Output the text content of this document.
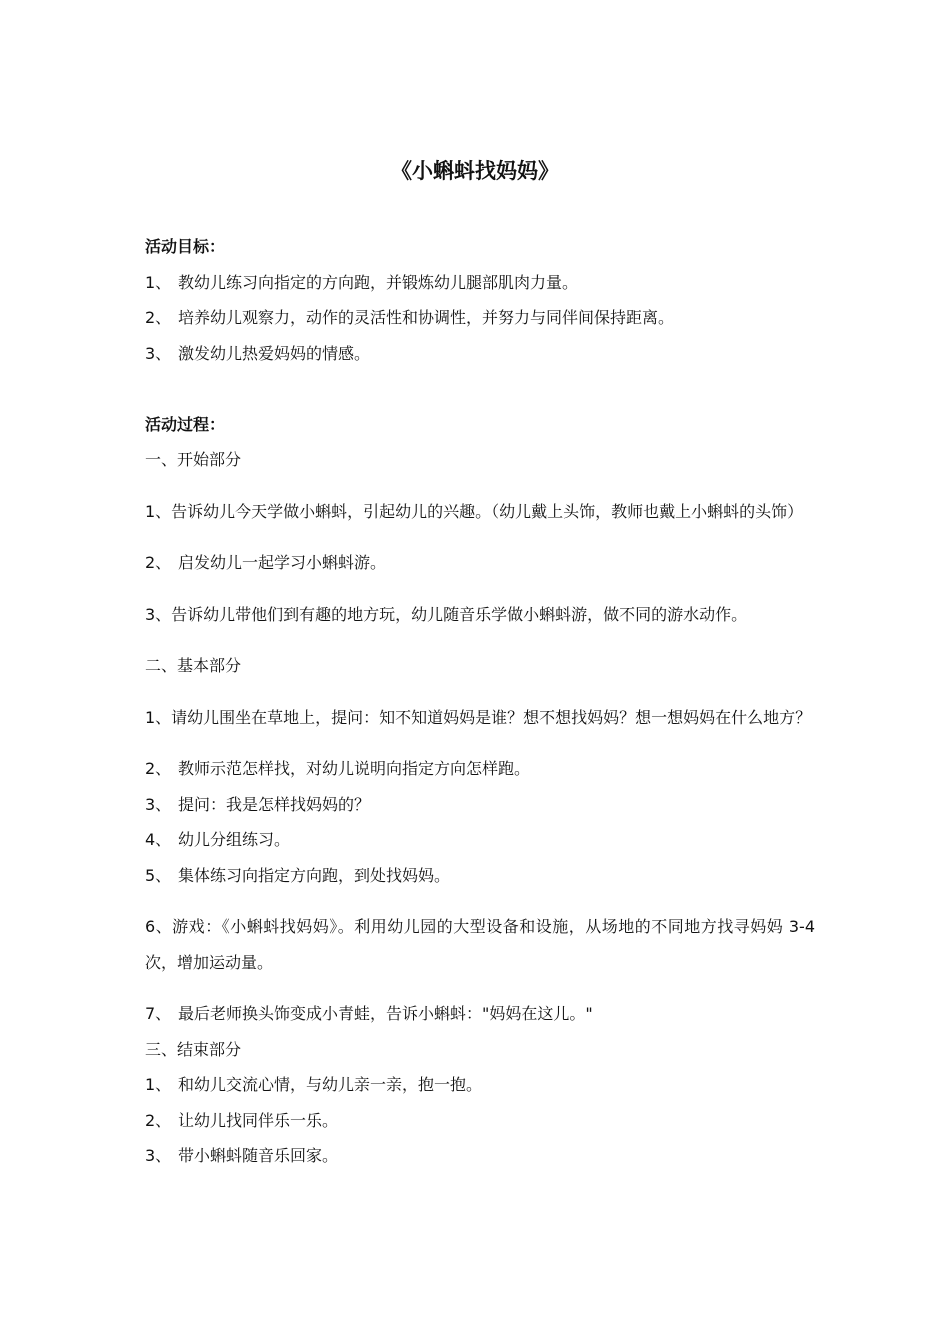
《小蝌蚪找妈妈》

活动目标：

1、 教幼儿练习向指定的方向跑，并锻炼幼儿腿部肌肉力量。

2、 培养幼儿观察力，动作的灵活性和协调性，并努力与同伴间保持距离。

3、 激发幼儿热爱妈妈的情感。

活动过程：

一、开始部分

1、告诉幼儿今天学做小蝌蚪，引起幼儿的兴趣。（幼儿戴上头饰，教师也戴上小蝌蚪的头饰）

2、 启发幼儿一起学习小蝌蚪游。

3、告诉幼儿带他们到有趣的地方玩，幼儿随音乐学做小蝌蚪游，做不同的游水动作。

二、基本部分

1、请幼儿围坐在草地上，提问：知不知道妈妈是谁？想不想找妈妈？想一想妈妈在什么地方？

2、 教师示范怎样找，对幼儿说明向指定方向怎样跑。

3、 提问：我是怎样找妈妈的？

4、 幼儿分组练习。

5、 集体练习向指定方向跑，到处找妈妈。

6、游戏：《小蝌蚪找妈妈》。利用幼儿园的大型设备和设施，从场地的不同地方找寻妈妈 3-4 次，增加运动量。

7、 最后老师换头饰变成小青蛙，告诉小蝌蚪："妈妈在这儿。"

三、结束部分

1、 和幼儿交流心情，与幼儿亲一亲，抱一抱。

2、 让幼儿找同伴乐一乐。

3、 带小蝌蚪随音乐回家。
